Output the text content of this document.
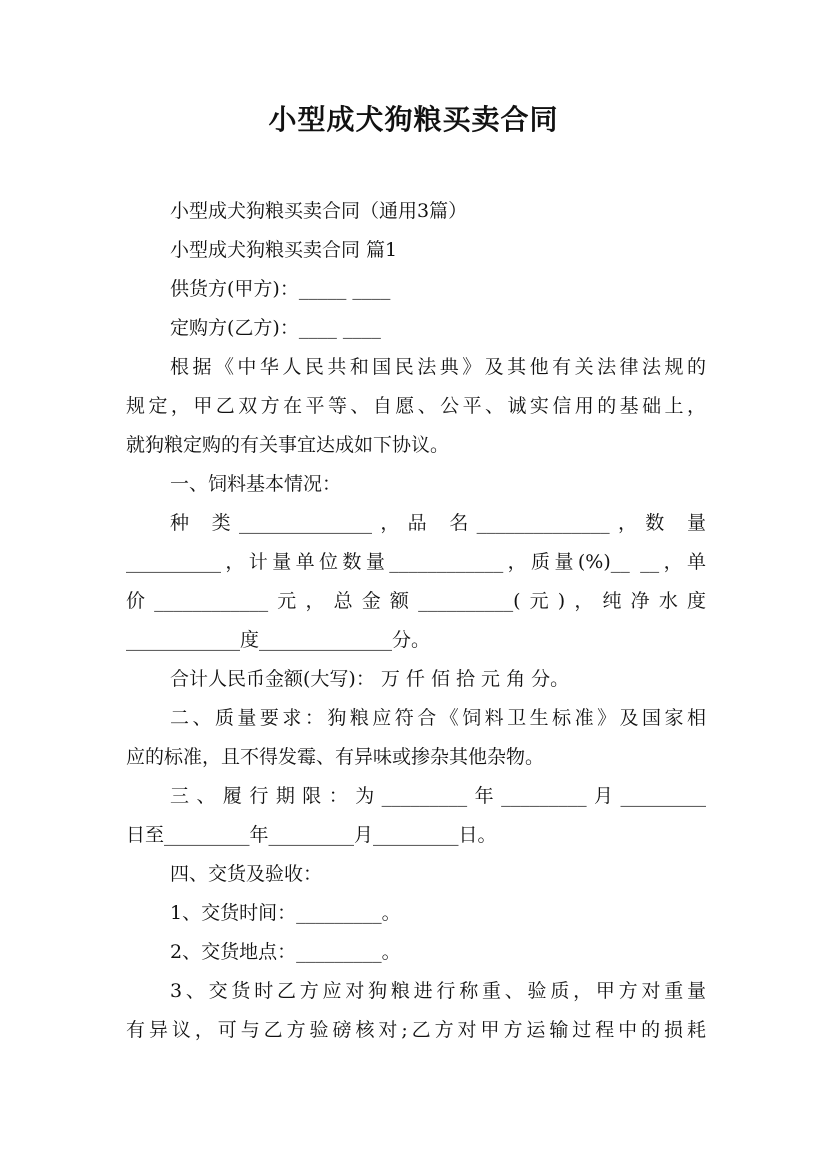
小型成犬狗粮买卖合同

小型成犬狗粮买卖合同（通用3篇）

小型成犬狗粮买卖合同 篇1

供货方(甲方)：_____ ____

定购方(乙方)：____ ____

根据《中华人民共和国民法典》及其他有关法律法规的

规定，甲乙双方在平等、自愿、公平、诚实信用的基础上，

就狗粮定购的有关事宜达成如下协议。

一、饲料基本情况：

种 类______________，品 名______________，数 量

__________，计量单位数量____________，质量(%)__ __，单

价____________元，总金额__________(元)，纯净水度

____________度______________分。

合计人民币金额(大写)： 万 仟 佰 拾 元 角 分。

二、质量要求：狗粮应符合《饲料卫生标准》及国家相

应的标准，且不得发霉、有异味或掺杂其他杂物。

三、履行期限：为_________年_________月_________

日至_________年_________月_________日。

四、交货及验收：

1、交货时间：_________。

2、交货地点：_________。

3、交货时乙方应对狗粮进行称重、验质，甲方对重量

有异议，可与乙方验磅核对;乙方对甲方运输过程中的损耗
